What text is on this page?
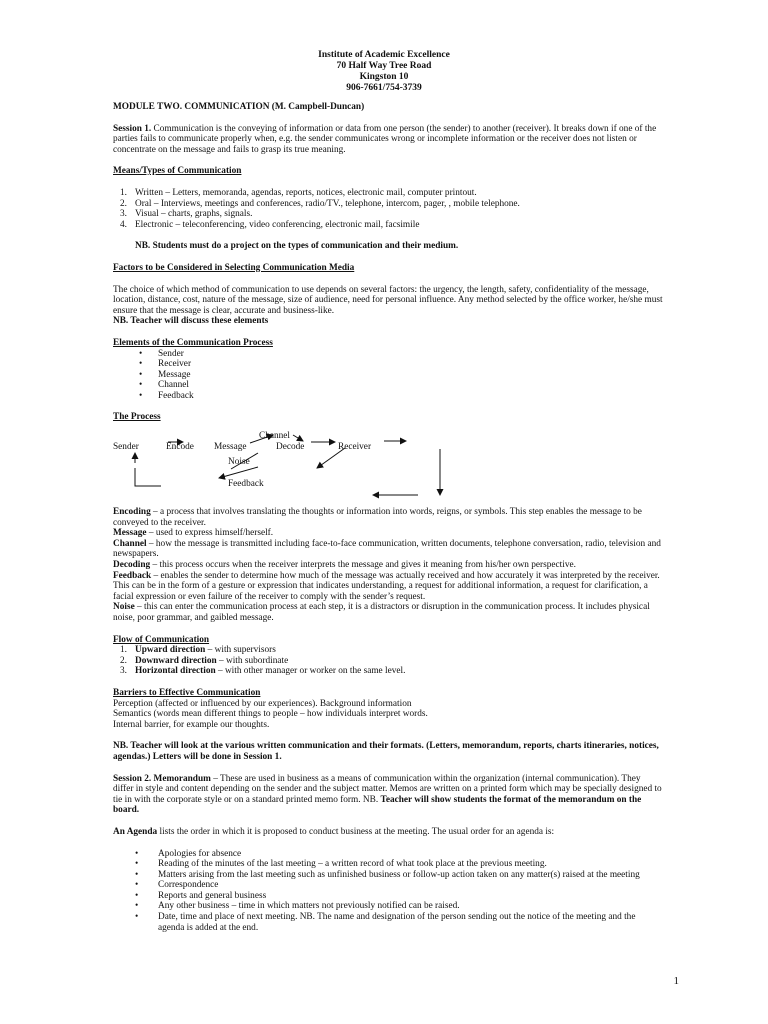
Institute of Academic Excellence
70 Half Way Tree Road
Kingston 10
906-7661/754-3739

MODULE TWO. COMMUNICATION (M. Campbell-Duncan)

Session 1. Communication is the conveying of information or data from one person (the sender) to another (receiver). It breaks down if one of the parties fails to communicate properly when, e.g. the sender communicates wrong or incomplete information or the receiver does not listen or concentrate on the message and fails to grasp its true meaning.

Means/Types of Communication

1. Written – Letters, memoranda, agendas, reports, notices, electronic mail, computer printout.
2. Oral – Interviews, meetings and conferences, radio/TV., telephone, intercom, pager, , mobile telephone.
3. Visual – charts, graphs, signals.
4. Electronic – teleconferencing, video conferencing, electronic mail, facsimile

NB. Students must do a project on the types of communication and their medium.

Factors to be Considered in Selecting Communication Media

The choice of which method of communication to use depends on several factors: the urgency, the length, safety, confidentiality of the message, location, distance, cost, nature of the message, size of audience, need for personal influence. Any method selected by the office worker, he/she must ensure that the message is clear, accurate and business-like.

NB. Teacher will discuss these elements

Elements of the Communication Process

• Sender
• Receiver
• Message
• Channel
• Feedback

The Process

Channel
Sender	Encode Message	Decode	Receiver
Noise
Feedback

Encoding – a process that involves translating the thoughts or information into words, reigns, or symbols. This step enables the message to be conveyed to the receiver.

Message – used to express himself/herself.

Channel – how the message is transmitted including face-to-face communication, written documents, telephone conversation, radio, television and newspapers.

Decoding – this process occurs when the receiver interprets the message and gives it meaning from his/her own perspective.

Feedback – enables the sender to determine how much of the message was actually received and how accurately it was interpreted by the receiver. This can be in the form of a gesture or expression that indicates understanding, a request for additional information, a request for clarification, a facial expression or even failure of the receiver to comply with the sender’s request.

Noise – this can enter the communication process at each step, it is a distractors or disruption in the communication process. It includes physical noise, poor grammar, and gaibled message.

Flow of Communication

1. Upward direction – with supervisors
2. Downward direction – with subordinate
3. Horizontal direction – with other manager or worker on the same level.

Barriers to Effective Communication

Perception (affected or influenced by our experiences). Background information

Semantics (words mean different things to people – how individuals interpret words.

Internal barrier, for example our thoughts.

NB. Teacher will look at the various written communication and their formats. (Letters, memorandum, reports, charts itineraries, notices, agendas.) Letters will be done in Session 1.

Session 2. Memorandum – These are used in business as a means of communication within the organization (internal communication). They differ in style and content depending on the sender and the subject matter. Memos are written on a printed form which may be specially designed to tie in with the corporate style or on a standard printed memo form. NB. Teacher will show students the format of the memorandum on the board.

An Agenda lists the order in which it is proposed to conduct business at the meeting. The usual order for an agenda is:

• Apologies for absence
• Reading of the minutes of the last meeting – a written record of what took place at the previous meeting.
• Matters arising from the last meeting such as unfinished business or follow-up action taken on any matter(s) raised at the meeting
• Correspondence
• Reports and general business
• Any other business – time in which matters not previously notified can be raised.
• Date, time and place of next meeting. NB. The name and designation of the person sending out the notice of the meeting and the agenda is added at the end.
1
